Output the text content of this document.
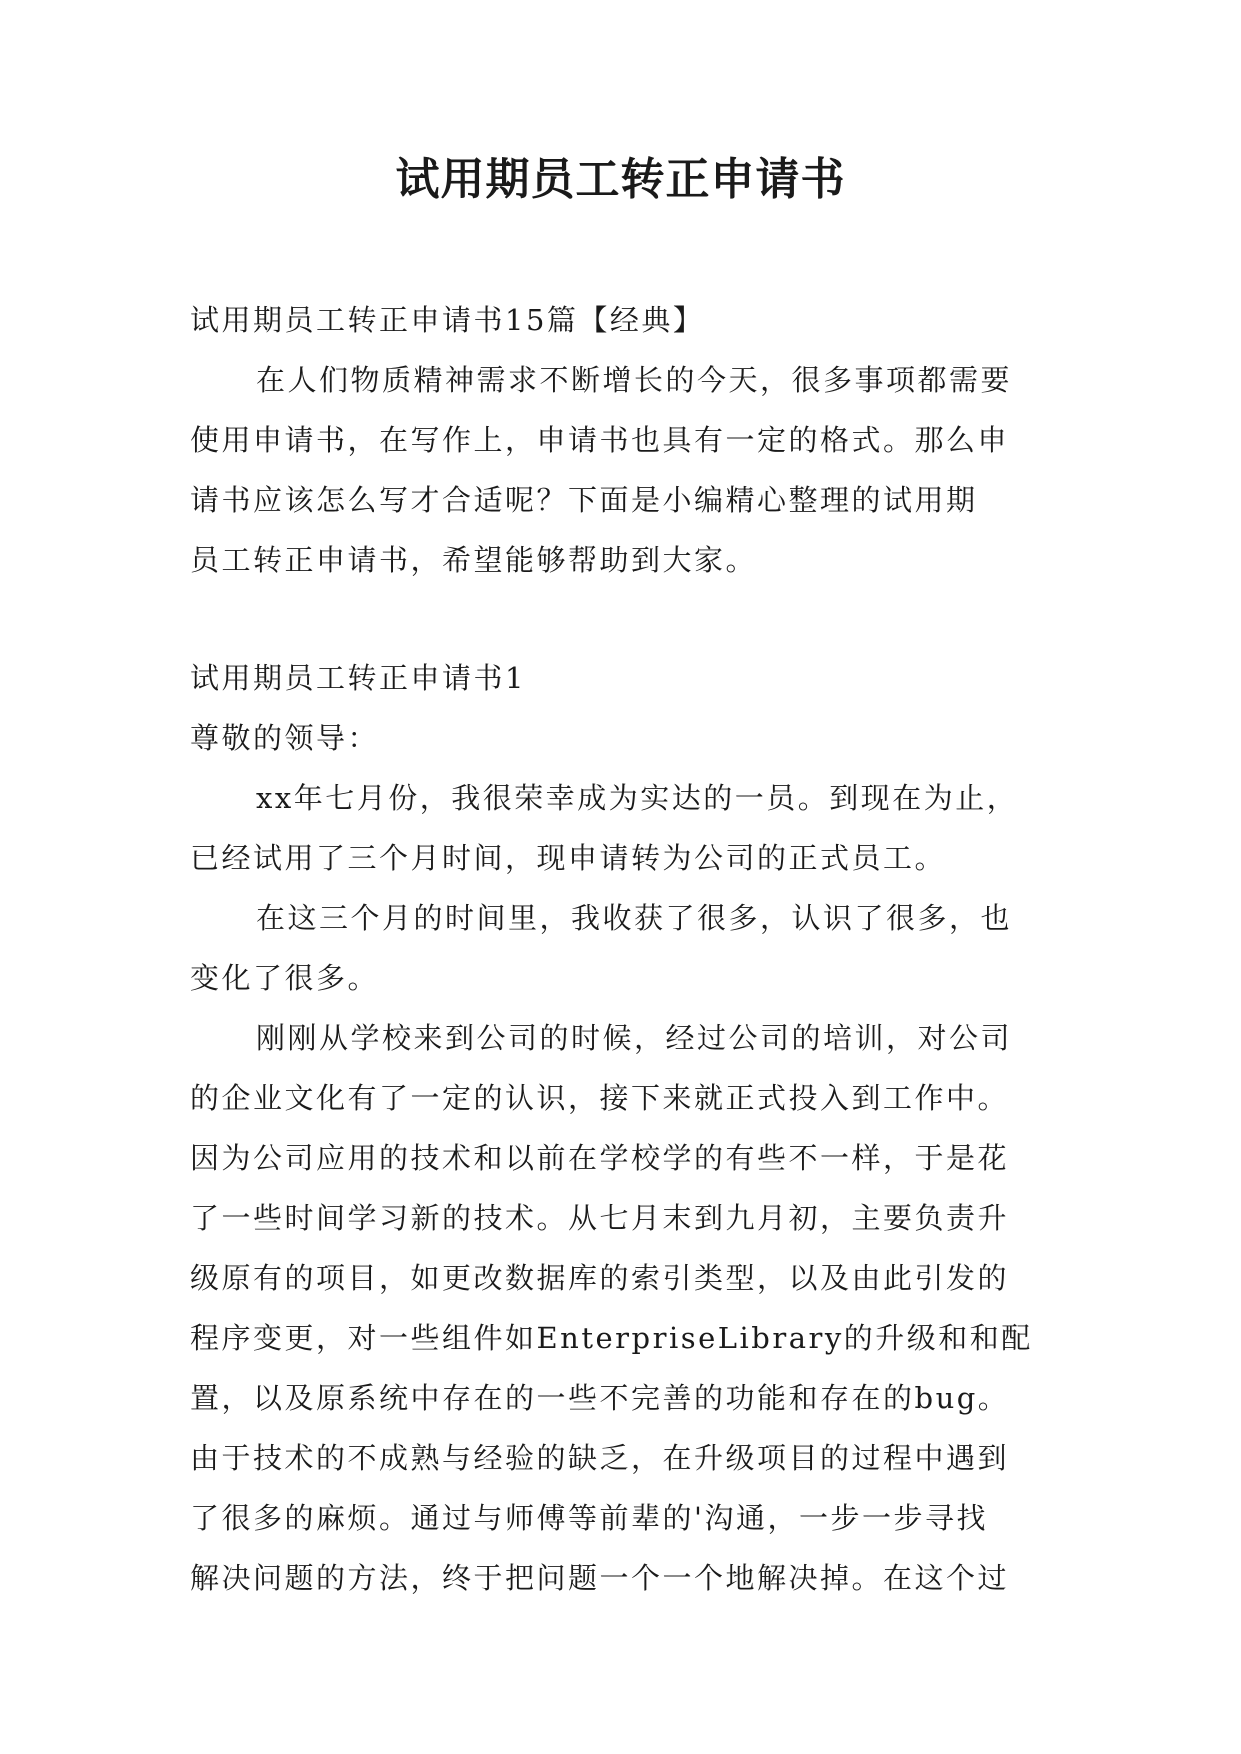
试用期员工转正申请书
试用期员工转正申请书15篇【经典】
在人们物质精神需求不断增长的今天，很多事项都需要
使用申请书，在写作上，申请书也具有一定的格式。那么申
请书应该怎么写才合适呢？下面是小编精心整理的试用期
员工转正申请书，希望能够帮助到大家。
试用期员工转正申请书1
尊敬的领导：
xx年七月份，我很荣幸成为实达的一员。到现在为止，
已经试用了三个月时间，现申请转为公司的正式员工。
在这三个月的时间里，我收获了很多，认识了很多，也
变化了很多。
刚刚从学校来到公司的时候，经过公司的培训，对公司
的企业文化有了一定的认识，接下来就正式投入到工作中。
因为公司应用的技术和以前在学校学的有些不一样，于是花
了一些时间学习新的技术。从七月末到九月初，主要负责升
级原有的项目，如更改数据库的索引类型，以及由此引发的
程序变更，对一些组件如EnterpriseLibrary的升级和和配
置，以及原系统中存在的一些不完善的功能和存在的bug。
由于技术的不成熟与经验的缺乏，在升级项目的过程中遇到
了很多的麻烦。通过与师傅等前辈的'沟通，一步一步寻找
解决问题的方法，终于把问题一个一个地解决掉。在这个过
